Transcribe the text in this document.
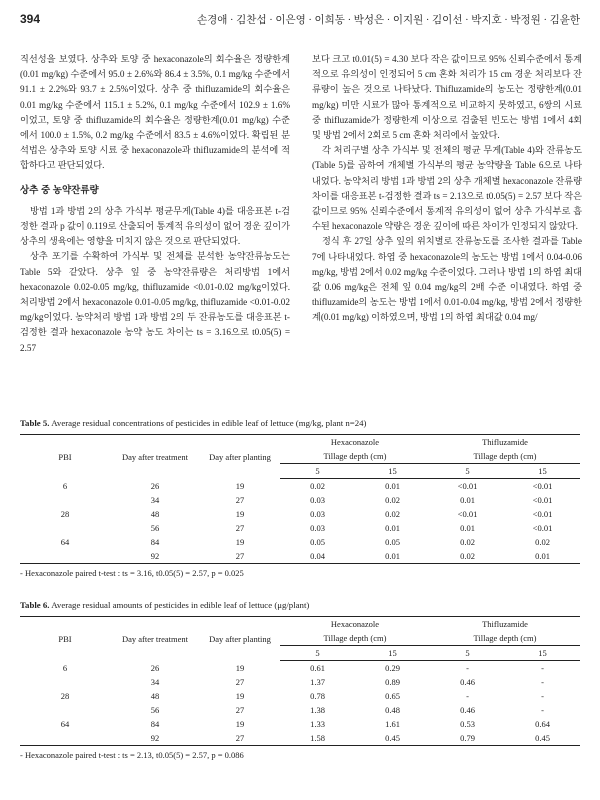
394	손경애 · 김찬섭 · 이은영 · 이희동 · 박성은 · 이지원 · 김이선 · 박지호 · 박정원 · 김윤한

직선성을 보였다. 상추와 토양 중 hexaconazole의 회수율은 정량한계(0.01 mg/kg) 수준에서 95.0 ± 2.6%와 86.4 ± 3.5%, 0.1 mg/kg 수준에서 91.1 ± 2.2%와 93.7 ± 2.5%이었다. 상추 중 thifluzamide의 회수율은 0.01 mg/kg 수준에서 115.1 ± 5.2%, 0.1 mg/kg 수준에서 102.9 ± 1.6%이었고, 토양 중 thifluzamide의 회수율은 정량한계(0.01 mg/kg) 수준에서 100.0 ± 1.5%, 0.2 mg/kg 수준에서 83.5 ± 4.6%이었다. 확립된 분석법은 상추와 토양 시료 중 hexaconazole과 thifluzamide의 분석에 적합하다고 판단되었다.

상추 중 농약잔류량

방법 1과 방법 2의 상추 가식부 평균무게(Table 4)를 대응표본 t-검정한 결과 p 값이 0.119로 산출되어 통계적 유의성이 없어 경운 깊이가 상추의 생육에는 영향을 미치지 않은 것으로 판단되었다.

상추 포기를 수확하여 가식부 및 전체를 분석한 농약잔류농도는 Table 5와 같았다. 상추 잎 중 농약잔류량은 처리방법 1에서 hexaconazole 0.02-0.05 mg/kg, thifluzamide <0.01-0.02 mg/kg이었다. 처리방법 2에서 hexaconazole 0.01-0.05 mg/kg, thifluzamide <0.01-0.02 mg/kg이었다. 농약처리 방법 1과 방법 2의 두 잔류농도를 대응표본 t-검정한 결과 hexaconazole 농약 농도 차이는 ts = 3.16으로 t0.05(5) = 2.57

보다 크고 t0.01(5) = 4.30 보다 작은 값이므로 95% 신뢰수준에서 통계적으로 유의성이 인정되어 5 cm 혼화 처리가 15 cm 경운 처리보다 잔류량이 높은 것으로 나타났다. Thifluzamide의 농도는 정량한계(0.01 mg/kg) 미만 시료가 많아 통계적으로 비교하지 못하였고, 6쌍의 시료 중 thifluzamide가 정량한계 이상으로 검출된 빈도는 방법 1에서 4회 및 방법 2에서 2회로 5 cm 혼화 처리에서 높았다.

각 처리구별 상추 가식부 및 전체의 평균 무게(Table 4)와 잔류농도(Table 5)를 곱하여 개체별 가식부의 평균 농약량을 Table 6으로 나타내었다. 농약처리 방법 1과 방법 2의 상추 개체별 hexaconazole 잔류량 차이를 대응표본 t-검정한 결과 ts = 2.13으로 t0.05(5) = 2.57 보다 작은 값이므로 95% 신뢰수준에서 통계적 유의성이 없어 상추 가식부로 흡수된 hexaconazole 약량은 경운 깊이에 따른 차이가 인정되지 않았다.

정식 후 27일 상추 잎의 위치별로 잔류농도를 조사한 결과를 Table 7에 나타내었다. 하엽 중 hexaconazole의 농도는 방법 1에서 0.04-0.06 mg/kg, 방법 2에서 0.02 mg/kg 수준이었다. 그러나 방법 1의 하엽 최대값 0.06 mg/kg은 전체 잎 0.04 mg/kg의 2배 수준 이내였다. 하엽 중 thifluzamide의 농도는 방법 1에서 0.01-0.04 mg/kg, 방법 2에서 정량한계(0.01 mg/kg) 이하였으며, 방법 1의 하엽 최대값 0.04 mg/

Table 5. Average residual concentrations of pesticides in edible leaf of lettuce (mg/kg, plant n=24)
PBI	Day after treatment	Day after planting	Hexaconazole		Thifluzamide	
			Tillage depth (cm)		Tillage depth (cm)	
			5	15	5	15
6	26	19	0.02	0.01	<0.01	<0.01
	34	27	0.03	0.02	0.01	<0.01
28	48	19	0.03	0.02	<0.01	<0.01
	56	27	0.03	0.01	0.01	<0.01
64	84	19	0.05	0.05	0.02	0.02
	92	27	0.04	0.01	0.02	0.01
- Hexaconazole paired t-test : ts = 3.16, t0.05(5) = 2.57, p = 0.025
Table 6. Average residual amounts of pesticides in edible leaf of lettuce (μg/plant)
PBI	Day after treatment	Day after planting	Hexaconazole		Thifluzamide	
			Tillage depth (cm)		Tillage depth (cm)	
			5	15	5	15
6	26	19	0.61	0.29	-	-
	34	27	1.37	0.89	0.46	-
28	48	19	0.78	0.65	-	-
	56	27	1.38	0.48	0.46	-
64	84	19	1.33	1.61	0.53	0.64
	92	27	1.58	0.45	0.79	0.45
- Hexaconazole paired t-test : ts = 2.13, t0.05(5) = 2.57, p = 0.086
